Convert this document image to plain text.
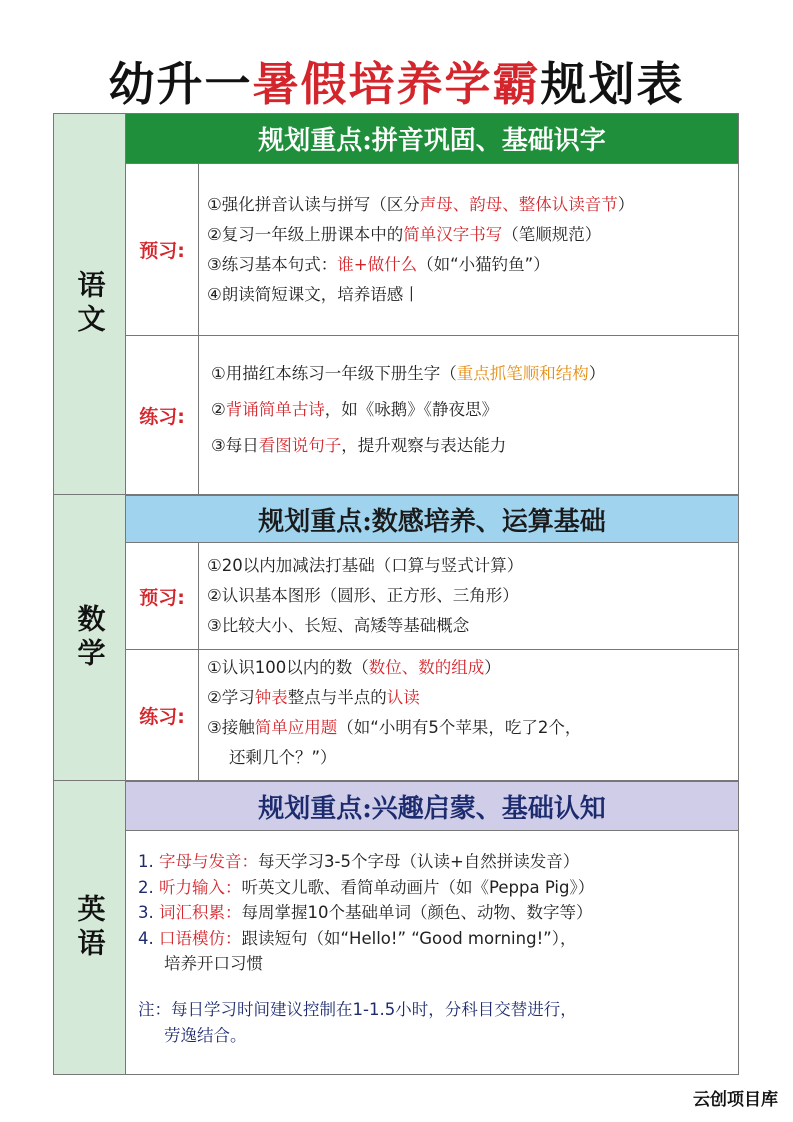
幼升一暑假培养学霸规划表
语文
规划重点:拼音巩固、基础识字
预习:
①强化拼音认读与拼写（区分声母、韵母、整体认读音节）
②复习一年级上册课本中的简单汉字书写（笔顺规范）
③练习基本句式：谁+做什么（如“小猫钓鱼”）
④朗读简短课文，培养语感丨
练习:
①用描红本练习一年级下册生字（重点抓笔顺和结构）
②背诵简单古诗，如《咏鹅》《静夜思》
③每日看图说句子，提升观察与表达能力
数学
规划重点:数感培养、运算基础
预习:
①20以内加减法打基础（口算与竖式计算）
②认识基本图形（圆形、正方形、三角形）
③比较大小、长短、高矮等基础概念
练习:
①认识100以内的数（数位、数的组成）
②学习钟表整点与半点的认读
③接触简单应用题（如“小明有5个苹果，吃了2个，
还剩几个？”）
英语
规划重点:兴趣启蒙、基础认知
1. 字母与发音：每天学习3-5个字母（认读+自然拼读发音）
2. 听力输入：听英文儿歌、看简单动画片（如《Peppa Pig》）
3. 词汇积累：每周掌握10个基础单词（颜色、动物、数字等）
4. 口语模仿：跟读短句（如“Hello!” “Good morning!”），
培养开口习惯
注：每日学习时间建议控制在1-1.5小时，分科目交替进行，
劳逸结合。
云创项目库
